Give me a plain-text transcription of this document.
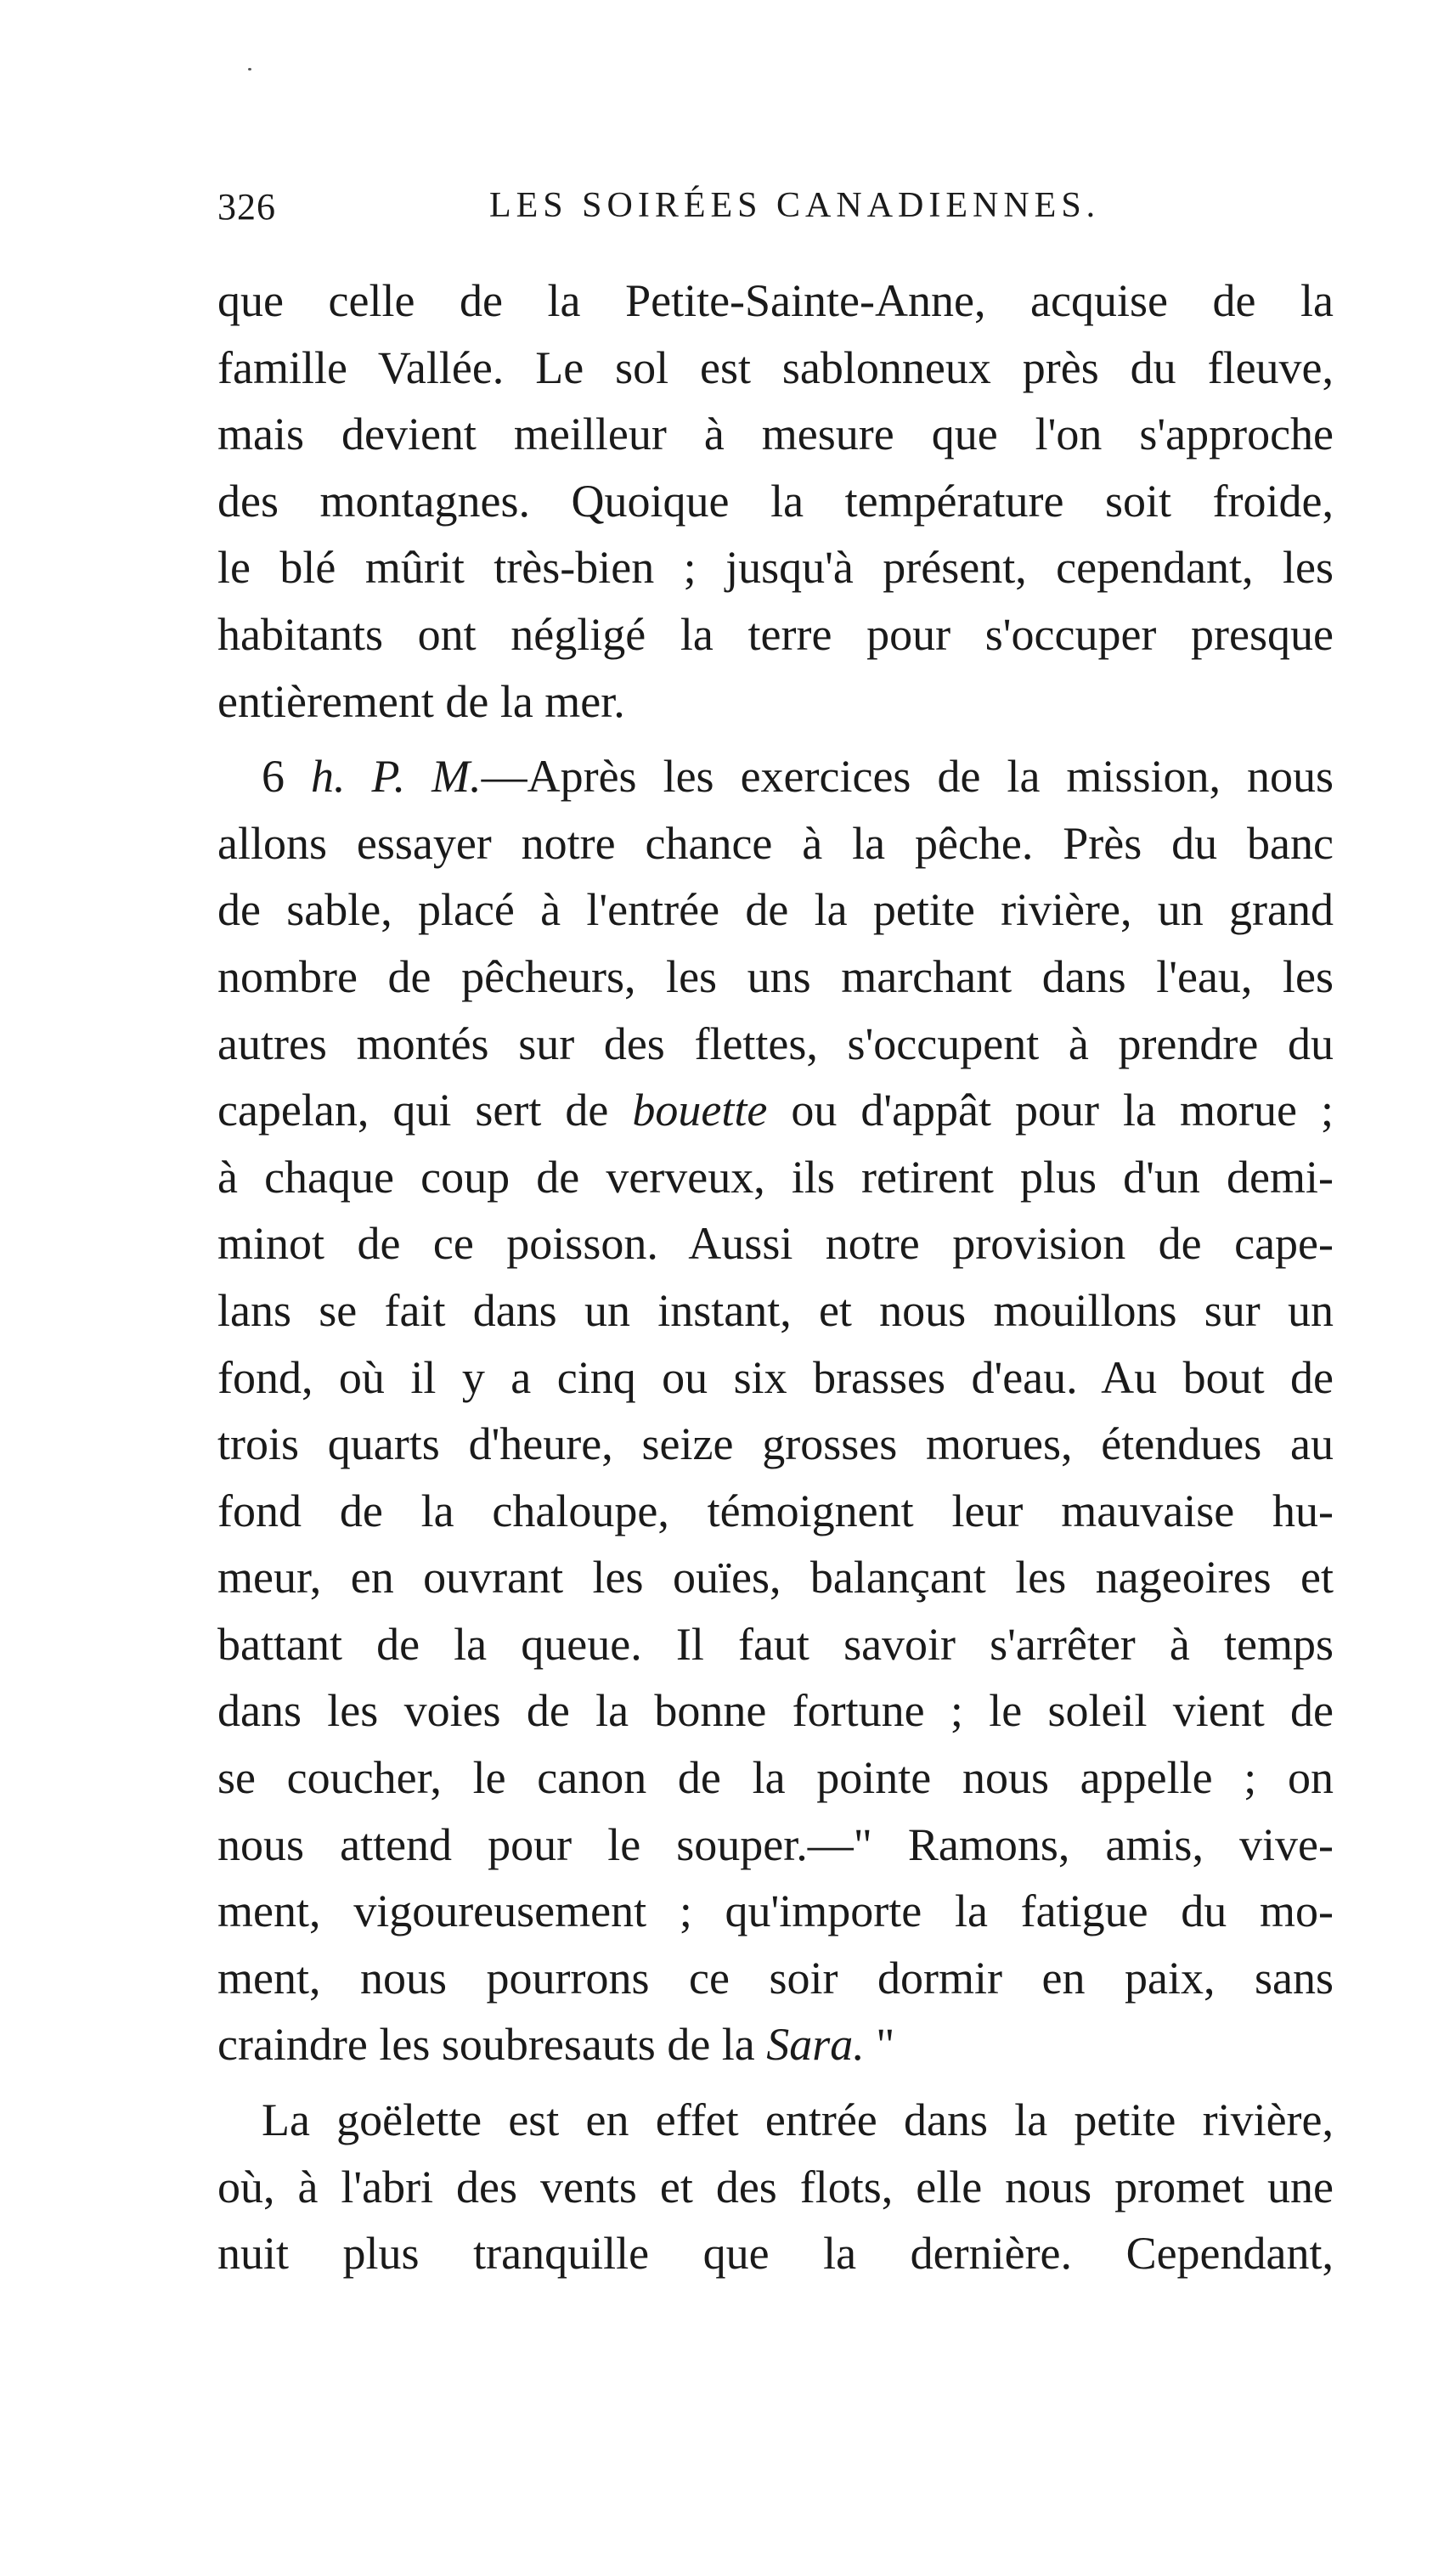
326	LES SOIRÉES CANADIENNES.
que celle de la Petite-Sainte-Anne, acquise de la
famille Vallée. Le sol est sablonneux près du fleuve,
mais devient meilleur à mesure que l'on s'approche
des montagnes. Quoique la température soit froide,
le blé mûrit très-bien ; jusqu'à présent, cependant, les
habitants ont négligé la terre pour s'occuper presque
entièrement de la mer.
6 h. P. M.—Après les exercices de la mission, nous
allons essayer notre chance à la pêche. Près du banc
de sable, placé à l'entrée de la petite rivière, un grand
nombre de pêcheurs, les uns marchant dans l'eau, les
autres montés sur des flettes, s'occupent à prendre du
capelan, qui sert de bouette ou d'appât pour la morue ;
à chaque coup de verveux, ils retirent plus d'un demi-
minot de ce poisson. Aussi notre provision de cape-
lans se fait dans un instant, et nous mouillons sur un
fond, où il y a cinq ou six brasses d'eau. Au bout de
trois quarts d'heure, seize grosses morues, étendues au
fond de la chaloupe, témoignent leur mauvaise hu-
meur, en ouvrant les ouïes, balançant les nageoires et
battant de la queue. Il faut savoir s'arrêter à temps
dans les voies de la bonne fortune ; le soleil vient de
se coucher, le canon de la pointe nous appelle ; on
nous attend pour le souper.—" Ramons, amis, vive-
ment, vigoureusement ; qu'importe la fatigue du mo-
ment, nous pourrons ce soir dormir en paix, sans
craindre les soubresauts de la Sara. "
La goëlette est en effet entrée dans la petite rivière,
où, à l'abri des vents et des flots, elle nous promet une
nuit plus tranquille que la dernière. Cependant,
